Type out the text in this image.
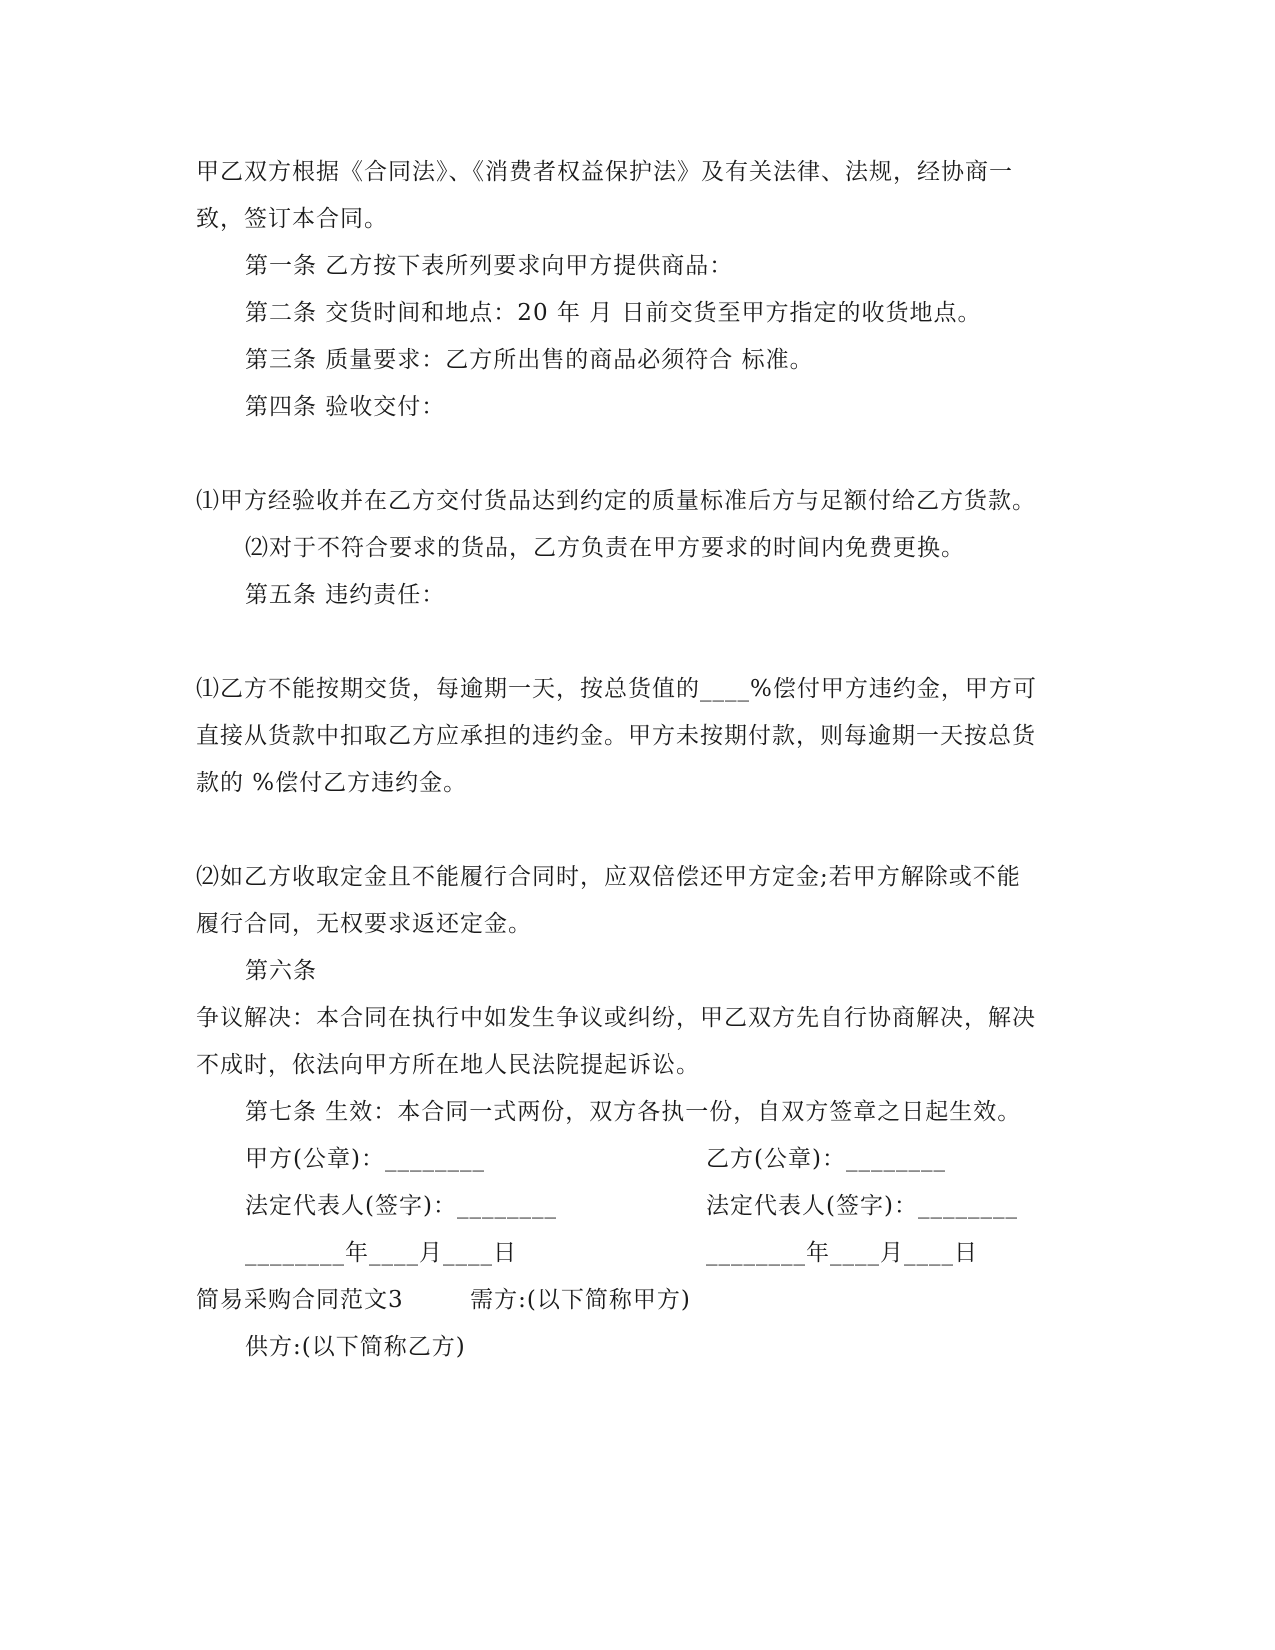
甲乙双方根据《合同法》、《消费者权益保护法》及有关法律、法规，经协商一
致，签订本合同。
第一条 乙方按下表所列要求向甲方提供商品：
第二条 交货时间和地点：20 年 月 日前交货至甲方指定的收货地点。
第三条 质量要求：乙方所出售的商品必须符合 标准。
第四条 验收交付：
⑴甲方经验收并在乙方交付货品达到约定的质量标准后方与足额付给乙方货款。
⑵对于不符合要求的货品，乙方负责在甲方要求的时间内免费更换。
第五条 违约责任：
⑴乙方不能按期交货，每逾期一天，按总货值的____%偿付甲方违约金，甲方可
直接从货款中扣取乙方应承担的违约金。甲方未按期付款，则每逾期一天按总货
款的 %偿付乙方违约金。
⑵如乙方收取定金且不能履行合同时，应双倍偿还甲方定金;若甲方解除或不能
履行合同，无权要求返还定金。
第六条
争议解决：本合同在执行中如发生争议或纠纷，甲乙双方先自行协商解决，解决
不成时，依法向甲方所在地人民法院提起诉讼。
第七条 生效：本合同一式两份，双方各执一份，自双方签章之日起生效。
甲方(公章)：________	乙方(公章)：________
法定代表人(签字)：________	法定代表人(签字)：________
________年____月____日	________年____月____日
简易采购合同范文3        需方:(以下简称甲方)
供方:(以下简称乙方)
